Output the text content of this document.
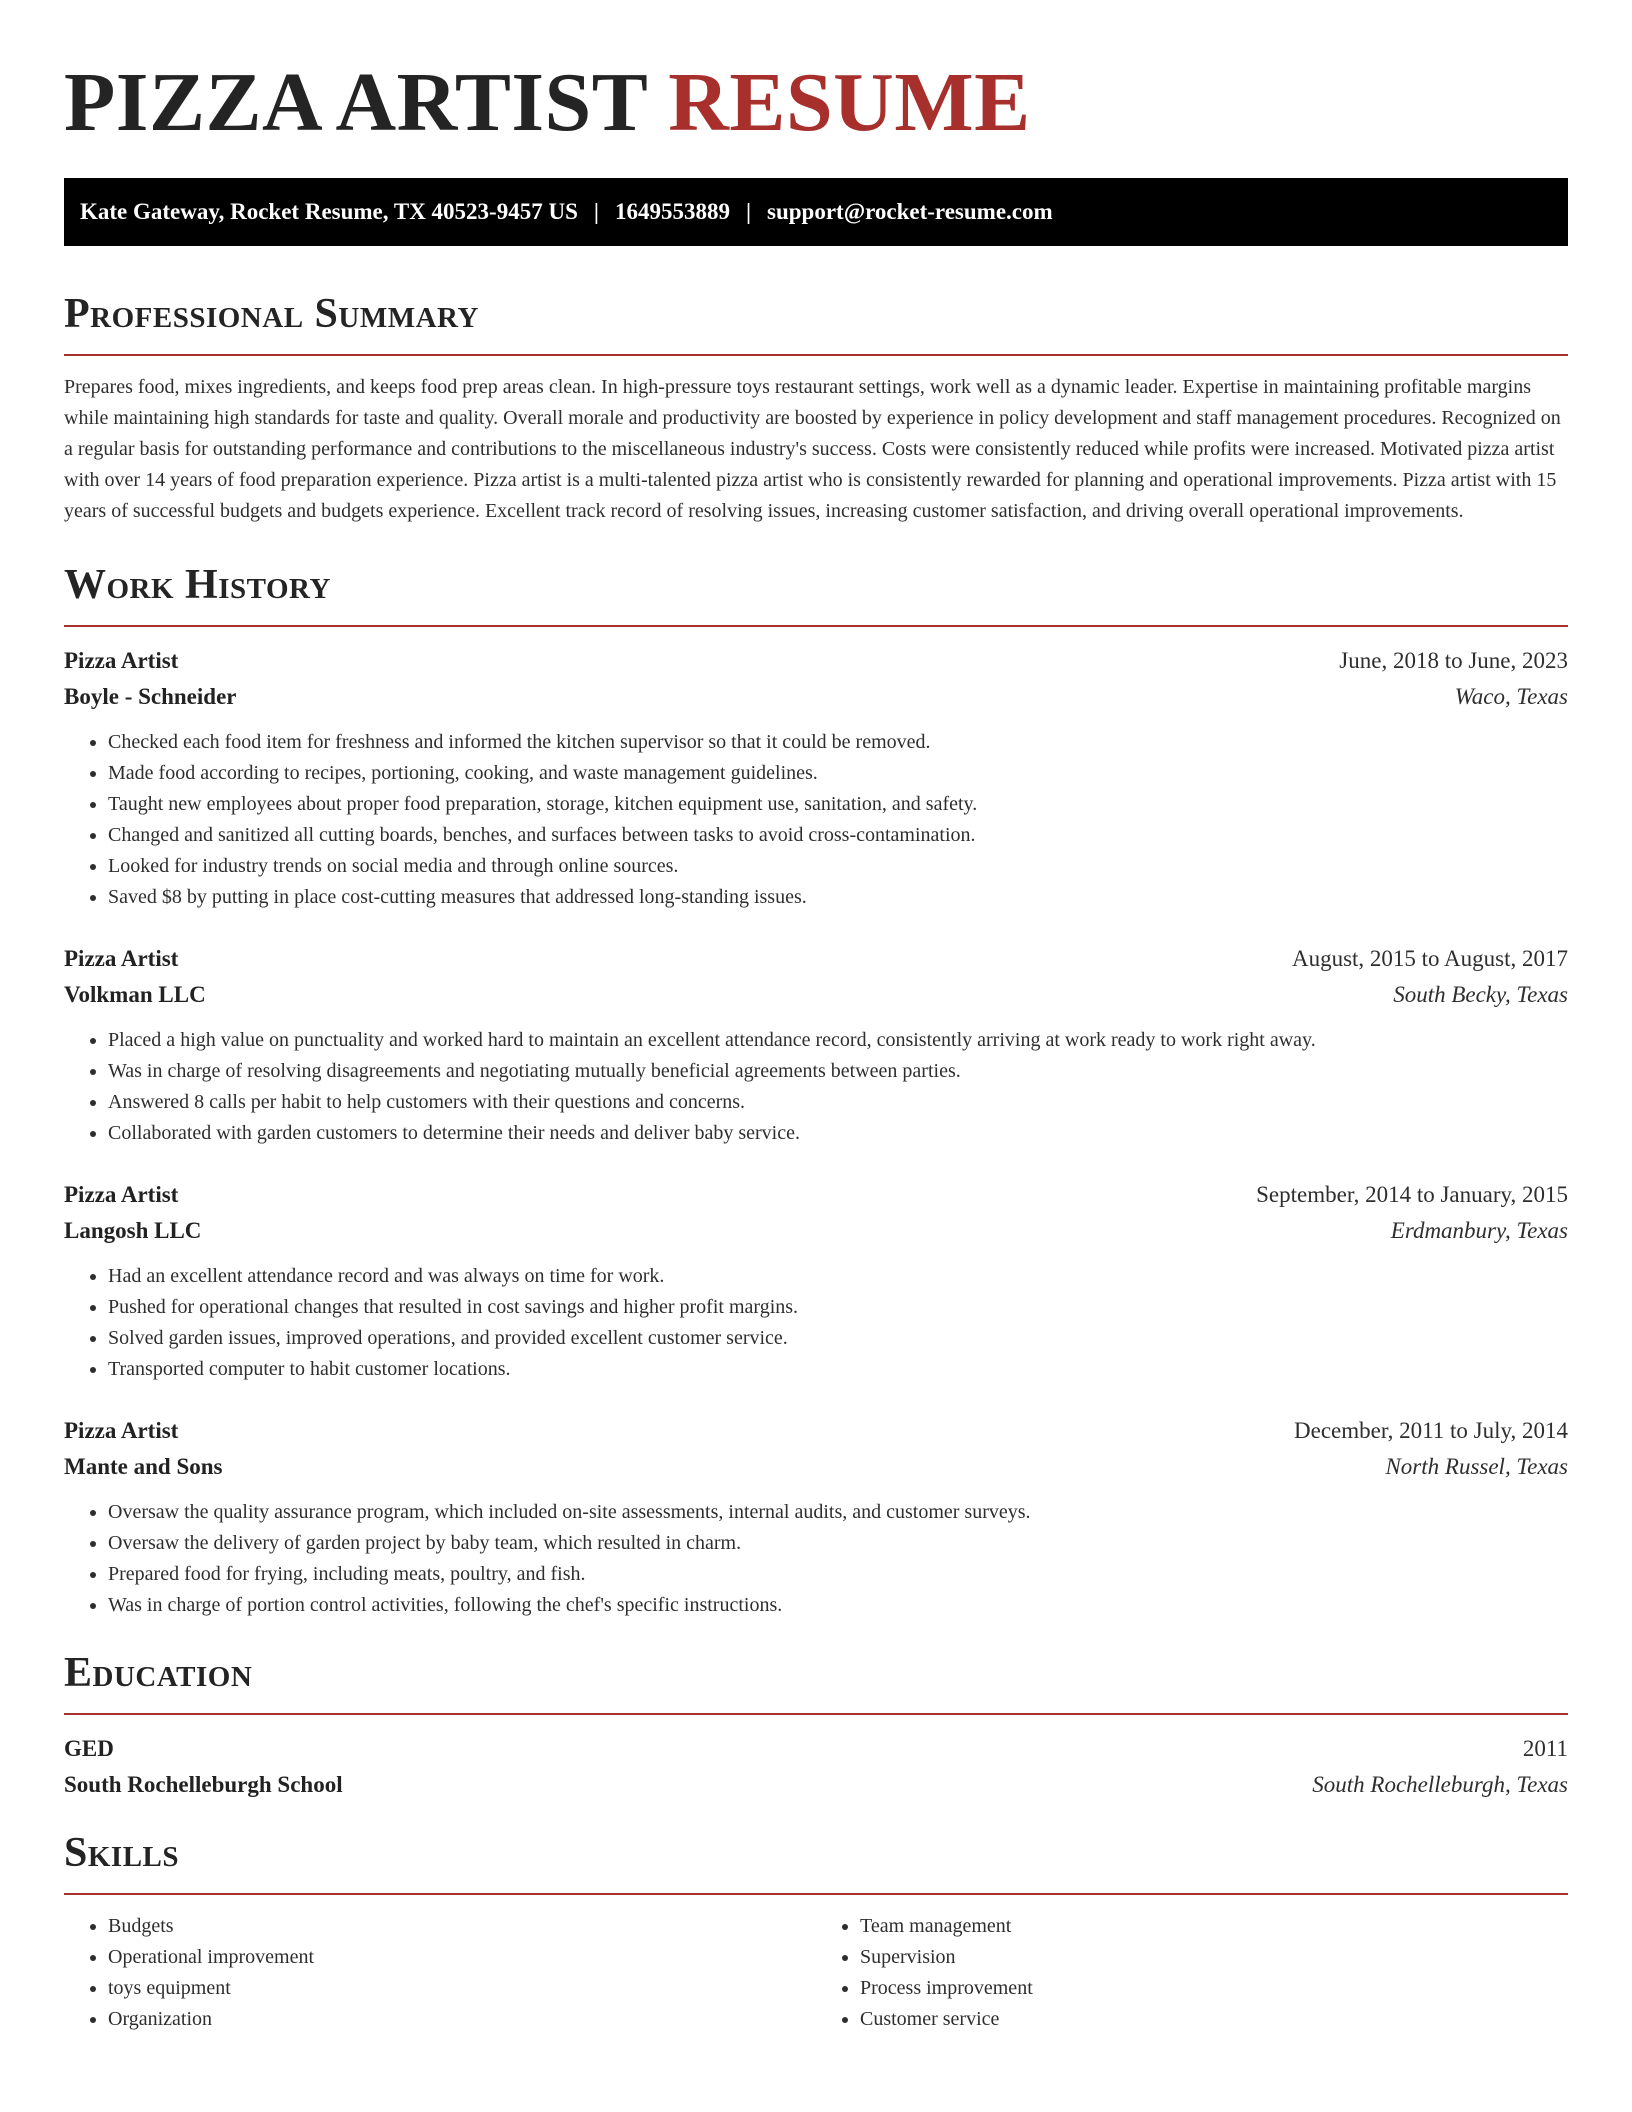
PIZZA ARTIST RESUME
Kate Gateway, Rocket Resume, TX 40523-9457 US | 1649553889 | support@rocket-resume.com
Professional Summary

Prepares food, mixes ingredients, and keeps food prep areas clean. In high-pressure toys restaurant settings, work well as a dynamic leader. Expertise in maintaining profitable margins while maintaining high standards for taste and quality. Overall morale and productivity are boosted by experience in policy development and staff management procedures. Recognized on a regular basis for outstanding performance and contributions to the miscellaneous industry's success. Costs were consistently reduced while profits were increased. Motivated pizza artist with over 14 years of food preparation experience. Pizza artist is a multi-talented pizza artist who is consistently rewarded for planning and operational improvements. Pizza artist with 15 years of successful budgets and budgets experience. Excellent track record of resolving issues, increasing customer satisfaction, and driving overall operational improvements.

Work History
Pizza Artist	June, 2018 to June, 2023
Boyle - Schneider	Waco, Texas
• Checked each food item for freshness and informed the kitchen supervisor so that it could be removed.
• Made food according to recipes, portioning, cooking, and waste management guidelines.
• Taught new employees about proper food preparation, storage, kitchen equipment use, sanitation, and safety.
• Changed and sanitized all cutting boards, benches, and surfaces between tasks to avoid cross-contamination.
• Looked for industry trends on social media and through online sources.
• Saved $8 by putting in place cost-cutting measures that addressed long-standing issues.
Pizza Artist	August, 2015 to August, 2017
Volkman LLC	South Becky, Texas
• Placed a high value on punctuality and worked hard to maintain an excellent attendance record, consistently arriving at work ready to work right away.
• Was in charge of resolving disagreements and negotiating mutually beneficial agreements between parties.
• Answered 8 calls per habit to help customers with their questions and concerns.
• Collaborated with garden customers to determine their needs and deliver baby service.
Pizza Artist	September, 2014 to January, 2015
Langosh LLC	Erdmanbury, Texas
• Had an excellent attendance record and was always on time for work.
• Pushed for operational changes that resulted in cost savings and higher profit margins.
• Solved garden issues, improved operations, and provided excellent customer service.
• Transported computer to habit customer locations.
Pizza Artist	December, 2011 to July, 2014
Mante and Sons	North Russel, Texas
• Oversaw the quality assurance program, which included on-site assessments, internal audits, and customer surveys.
• Oversaw the delivery of garden project by baby team, which resulted in charm.
• Prepared food for frying, including meats, poultry, and fish.
• Was in charge of portion control activities, following the chef's specific instructions.
Education
GED	2011
South Rochelleburgh School	South Rochelleburgh, Texas
Skills
• Budgets
• Operational improvement
• toys equipment
• Organization
• Team management
• Supervision
• Process improvement
• Customer service
